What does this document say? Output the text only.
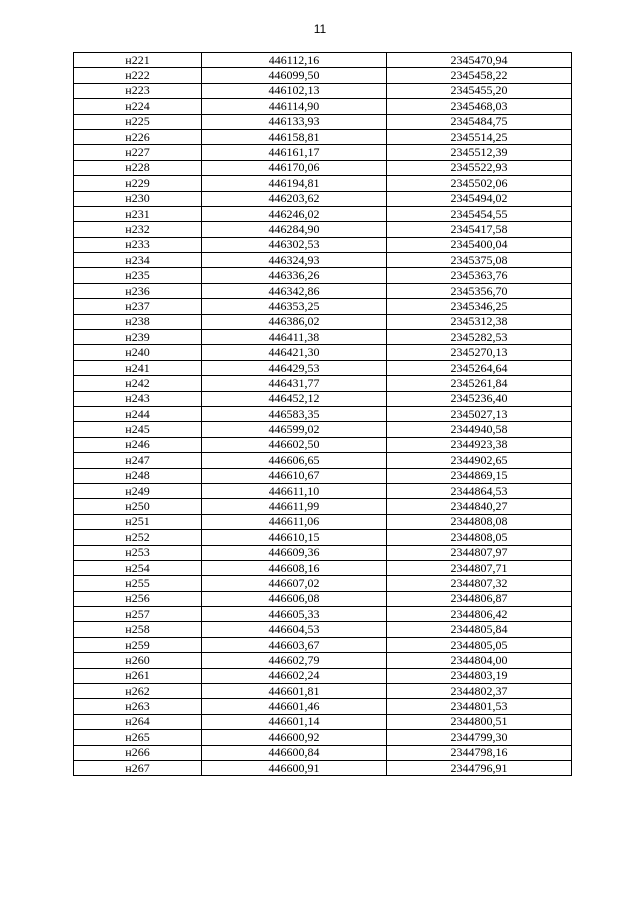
11
н221	446112,16	2345470,94
н222	446099,50	2345458,22
н223	446102,13	2345455,20
н224	446114,90	2345468,03
н225	446133,93	2345484,75
н226	446158,81	2345514,25
н227	446161,17	2345512,39
н228	446170,06	2345522,93
н229	446194,81	2345502,06
н230	446203,62	2345494,02
н231	446246,02	2345454,55
н232	446284,90	2345417,58
н233	446302,53	2345400,04
н234	446324,93	2345375,08
н235	446336,26	2345363,76
н236	446342,86	2345356,70
н237	446353,25	2345346,25
н238	446386,02	2345312,38
н239	446411,38	2345282,53
н240	446421,30	2345270,13
н241	446429,53	2345264,64
н242	446431,77	2345261,84
н243	446452,12	2345236,40
н244	446583,35	2345027,13
н245	446599,02	2344940,58
н246	446602,50	2344923,38
н247	446606,65	2344902,65
н248	446610,67	2344869,15
н249	446611,10	2344864,53
н250	446611,99	2344840,27
н251	446611,06	2344808,08
н252	446610,15	2344808,05
н253	446609,36	2344807,97
н254	446608,16	2344807,71
н255	446607,02	2344807,32
н256	446606,08	2344806,87
н257	446605,33	2344806,42
н258	446604,53	2344805,84
н259	446603,67	2344805,05
н260	446602,79	2344804,00
н261	446602,24	2344803,19
н262	446601,81	2344802,37
н263	446601,46	2344801,53
н264	446601,14	2344800,51
н265	446600,92	2344799,30
н266	446600,84	2344798,16
н267	446600,91	2344796,91
